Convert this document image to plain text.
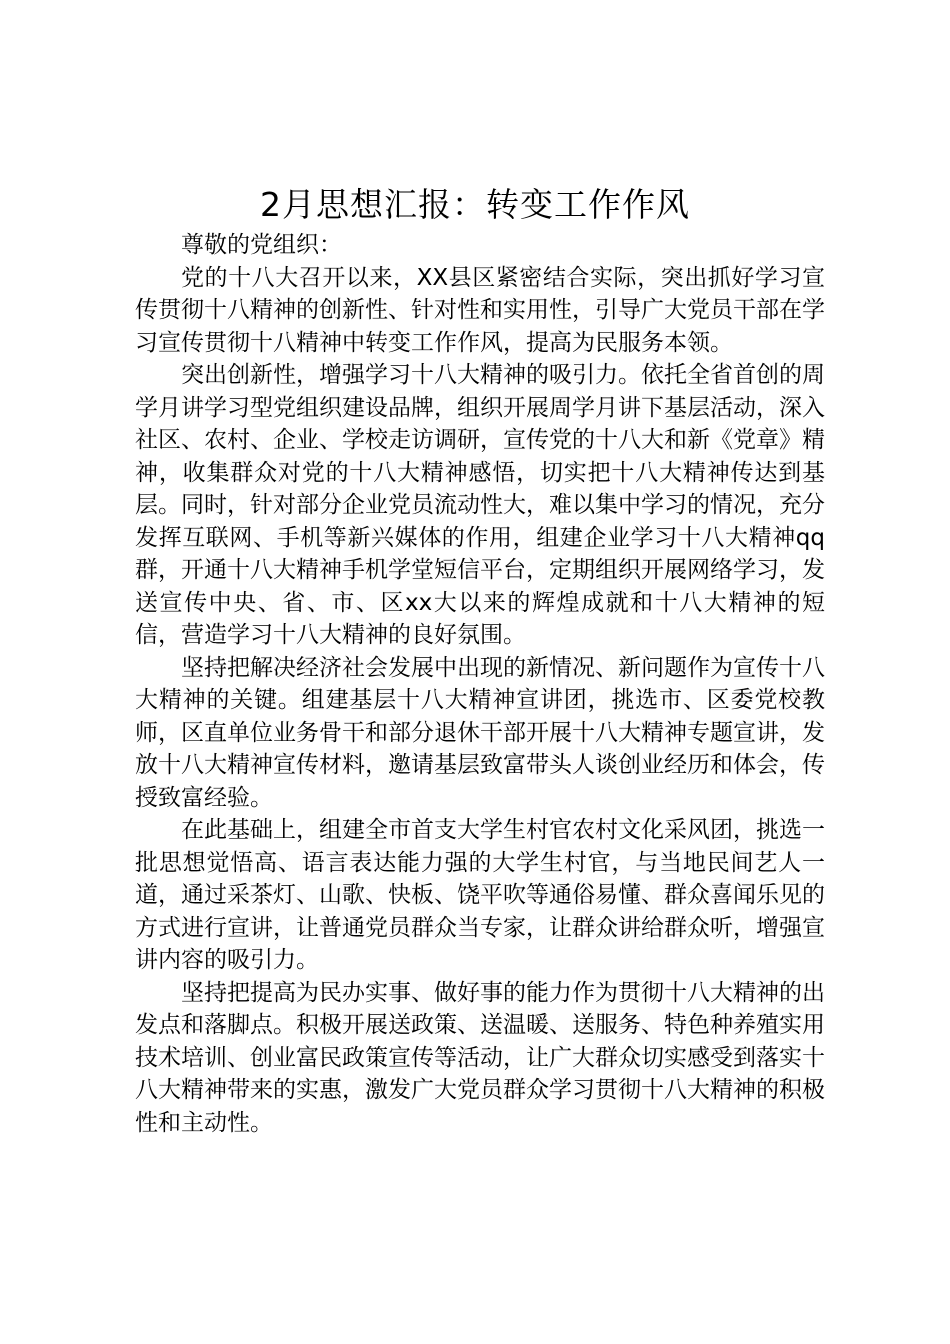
2月思想汇报：转变工作作风

尊敬的党组织：

党的十八大召开以来，XX县区紧密结合实际，突出抓好学习宣传贯彻十八精神的创新性、针对性和实用性，引导广大党员干部在学习宣传贯彻十八精神中转变工作作风，提高为民服务本领。

突出创新性，增强学习十八大精神的吸引力。依托全省首创的周学月讲学习型党组织建设品牌，组织开展周学月讲下基层活动，深入社区、农村、企业、学校走访调研，宣传党的十八大和新《党章》精神，收集群众对党的十八大精神感悟，切实把十八大精神传达到基层。同时，针对部分企业党员流动性大，难以集中学习的情况，充分发挥互联网、手机等新兴媒体的作用，组建企业学习十八大精神qq群，开通十八大精神手机学堂短信平台，定期组织开展网络学习，发送宣传中央、省、市、区xx大以来的辉煌成就和十八大精神的短信，营造学习十八大精神的良好氛围。

坚持把解决经济社会发展中出现的新情况、新问题作为宣传十八大精神的关键。组建基层十八大精神宣讲团，挑选市、区委党校教师，区直单位业务骨干和部分退休干部开展十八大精神专题宣讲，发放十八大精神宣传材料，邀请基层致富带头人谈创业经历和体会，传授致富经验。

在此基础上，组建全市首支大学生村官农村文化采风团，挑选一批思想觉悟高、语言表达能力强的大学生村官，与当地民间艺人一道，通过采茶灯、山歌、快板、饶平吹等通俗易懂、群众喜闻乐见的方式进行宣讲，让普通党员群众当专家，让群众讲给群众听，增强宣讲内容的吸引力。

坚持把提高为民办实事、做好事的能力作为贯彻十八大精神的出发点和落脚点。积极开展送政策、送温暖、送服务、特色种养殖实用技术培训、创业富民政策宣传等活动，让广大群众切实感受到落实十八大精神带来的实惠，激发广大党员群众学习贯彻十八大精神的积极性和主动性。
